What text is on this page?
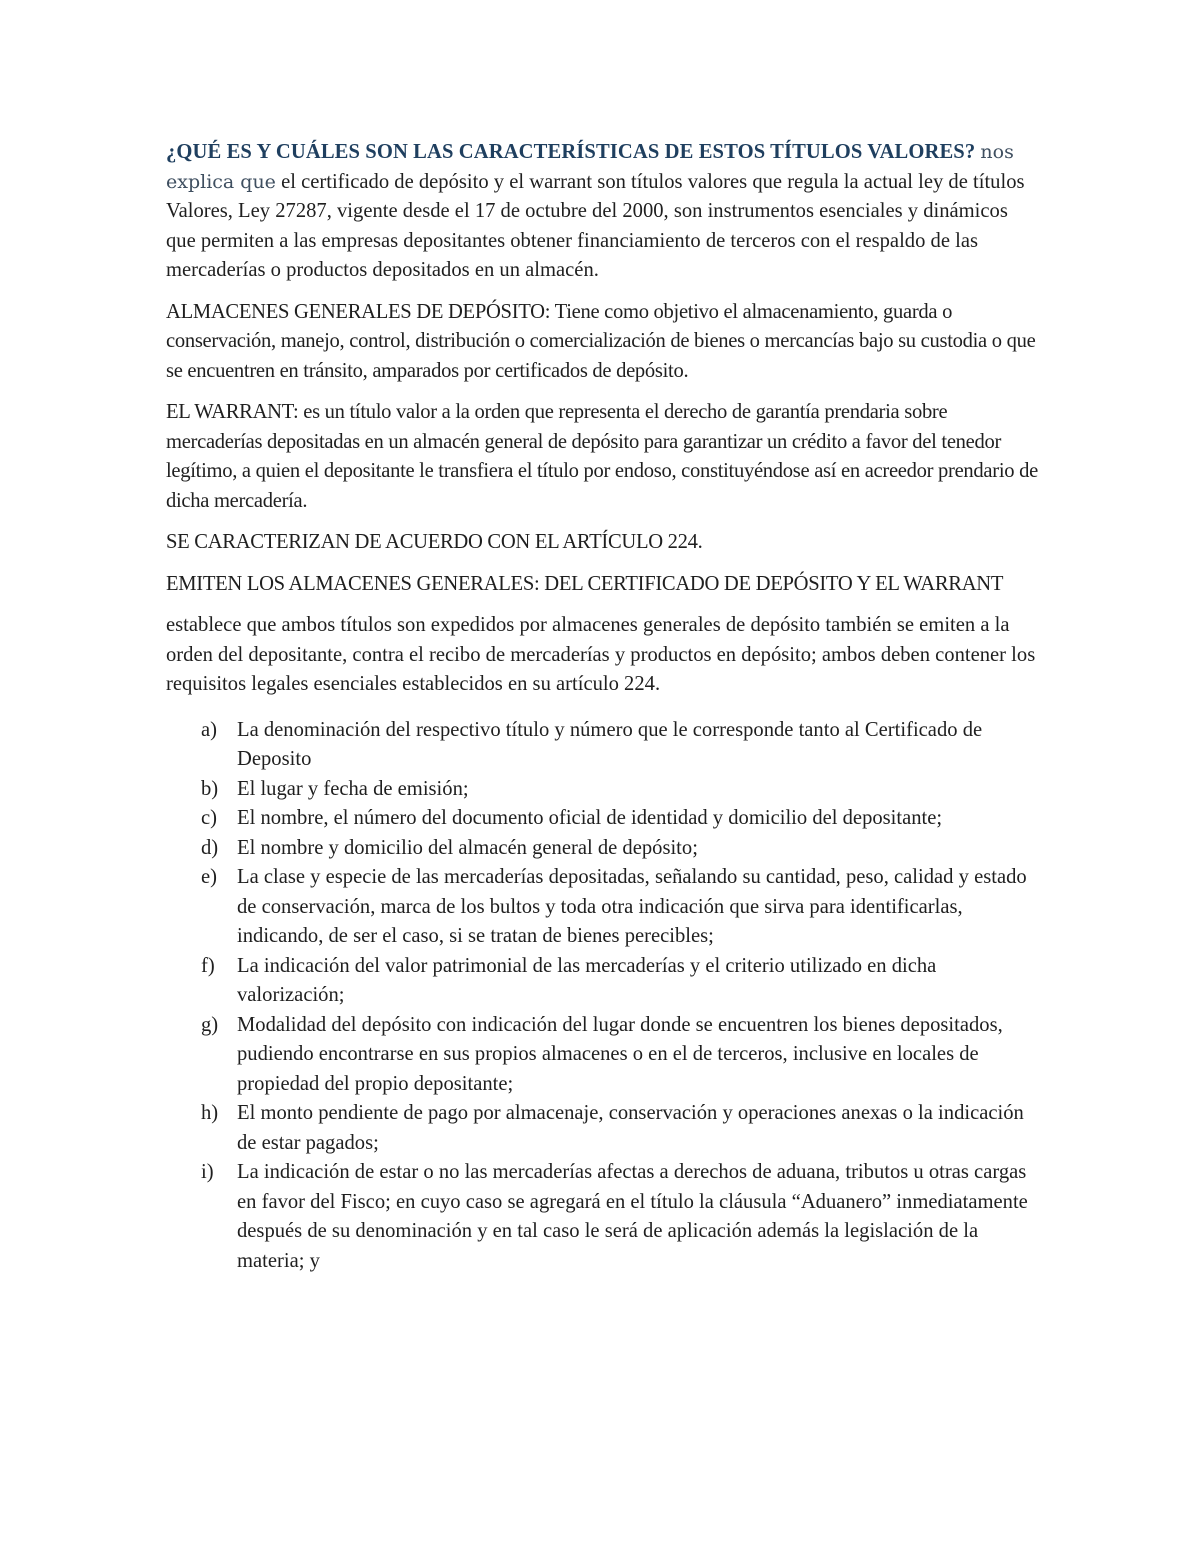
¿QUÉ ES Y CUÁLES SON LAS CARACTERÍSTICAS DE ESTOS TÍTULOS VALORES? nos explica que el certificado de depósito y el warrant son títulos valores que regula la actual ley de títulos Valores, Ley 27287, vigente desde el 17 de octubre del 2000, son instrumentos esenciales y dinámicos que permiten a las empresas depositantes obtener financiamiento de terceros con el respaldo de las mercaderías o productos depositados en un almacén.

ALMACENES GENERALES DE DEPÓSITO: Tiene como objetivo el almacenamiento, guarda o conservación, manejo, control, distribución o comercialización de bienes o mercancías bajo su custodia o que se encuentren en tránsito, amparados por certificados de depósito.

EL WARRANT: es un título valor a la orden que representa el derecho de garantía prendaria sobre mercaderías depositadas en un almacén general de depósito para garantizar un crédito a favor del tenedor legítimo, a quien el depositante le transfiera el título por endoso, constituyéndose así en acreedor prendario de dicha mercadería.

SE CARACTERIZAN DE ACUERDO CON EL ARTÍCULO 224.

EMITEN LOS ALMACENES GENERALES: DEL CERTIFICADO DE DEPÓSITO Y EL WARRANT

establece que ambos títulos son expedidos por almacenes generales de depósito también se emiten a la orden del depositante, contra el recibo de mercaderías y productos en depósito; ambos deben contener los requisitos legales esenciales establecidos en su artículo 224.

a) La denominación del respectivo título y número que le corresponde tanto al Certificado de Deposito
b) El lugar y fecha de emisión;
c) El nombre, el número del documento oficial de identidad y domicilio del depositante;
d) El nombre y domicilio del almacén general de depósito;
e) La clase y especie de las mercaderías depositadas, señalando su cantidad, peso, calidad y estado de conservación, marca de los bultos y toda otra indicación que sirva para identificarlas, indicando, de ser el caso, si se tratan de bienes perecibles;
f) La indicación del valor patrimonial de las mercaderías y el criterio utilizado en dicha valorización;
g) Modalidad del depósito con indicación del lugar donde se encuentren los bienes depositados, pudiendo encontrarse en sus propios almacenes o en el de terceros, inclusive en locales de propiedad del propio depositante;
h) El monto pendiente de pago por almacenaje, conservación y operaciones anexas o la indicación de estar pagados;
i) La indicación de estar o no las mercaderías afectas a derechos de aduana, tributos u otras cargas en favor del Fisco; en cuyo caso se agregará en el título la cláusula “Aduanero” inmediatamente después de su denominación y en tal caso le será de aplicación además la legislación de la materia; y
